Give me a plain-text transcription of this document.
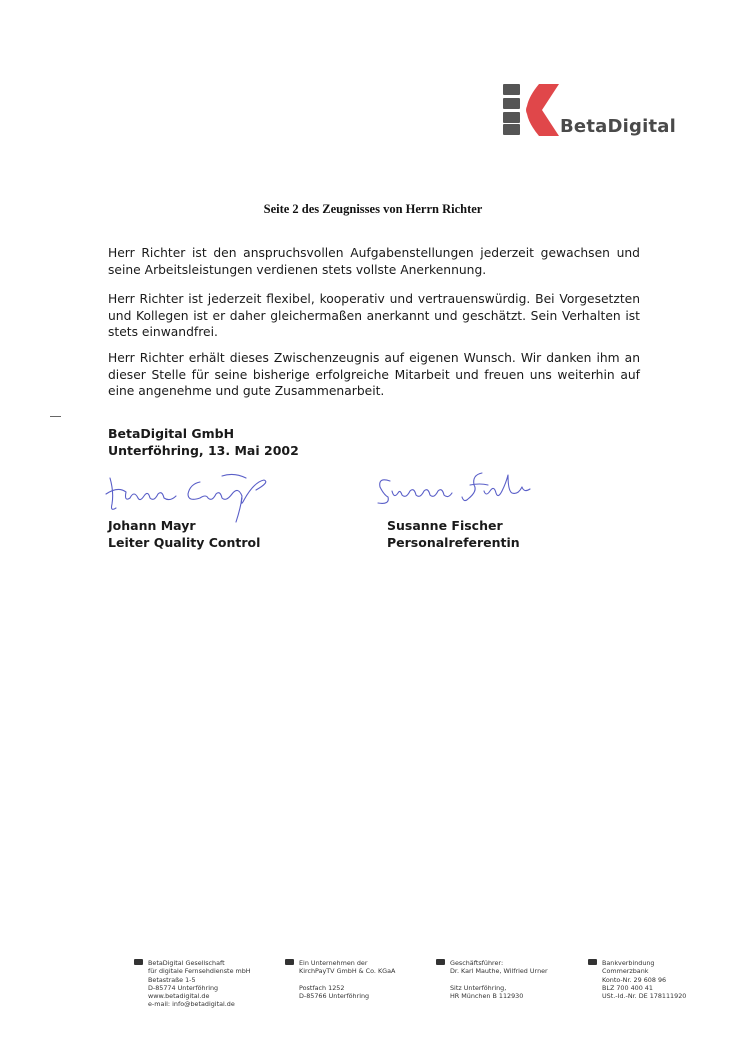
BetaDigital
Seite 2 des Zeugnisses von Herrn Richter
Herr Richter ist den anspruchsvollen Aufgabenstellungen jederzeit gewachsen und seine Arbeitsleistungen verdienen stets vollste Anerkennung.
Herr Richter ist jederzeit flexibel, kooperativ und vertrauenswürdig. Bei Vorgesetzten und Kollegen ist er daher gleichermaßen anerkannt und geschätzt. Sein Verhalten ist stets einwandfrei.
Herr Richter erhält dieses Zwischenzeugnis auf eigenen Wunsch. Wir danken ihm an dieser Stelle für seine bisherige erfolgreiche Mitarbeit und freuen uns weiterhin auf eine angenehme und gute Zusammenarbeit.
BetaDigital GmbH
Unterföhring, 13. Mai 2002
Johann Mayr
Leiter Quality Control
Susanne Fischer
Personalreferentin
BetaDigital Gesellschaft
für digitale Fernsehdienste mbH
Betastraße 1-5
D-85774 Unterföhring
www.betadigital.de
e-mail: info@betadigital.de
Ein Unternehmen der
KirchPayTV GmbH & Co. KGaA
Postfach 1252
D-85766 Unterföhring
Geschäftsführer:
Dr. Karl Mauthe, Wilfried Urner
Sitz Unterföhring,
HR München B 112930
Bankverbindung
Commerzbank
Konto-Nr. 29 608 96
BLZ 700 400 41
USt.-Id.-Nr. DE 178111920
